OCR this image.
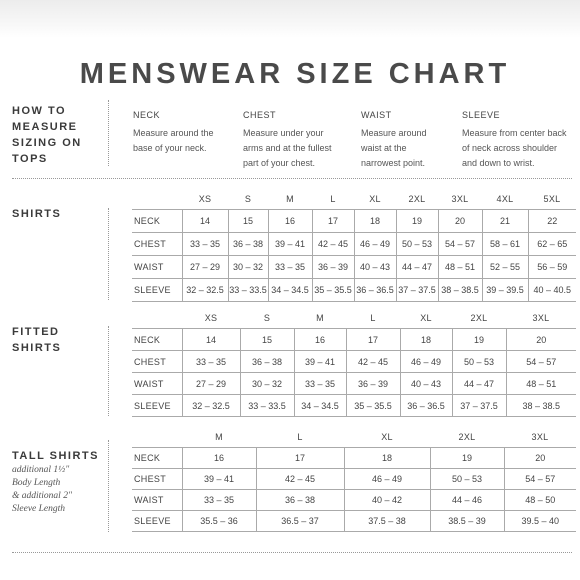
MENSWEAR SIZE CHART
HOW TO
MEASURE
SIZING ON
TOPS
NECK
Measure around the
base of your neck.
CHEST
Measure under your
arms and at the fullest
part of your chest.
WAIST
Measure around
waist at the
narrowest point.
SLEEVE
Measure from center back
of neck across shoulder
and down to wrist.
SHIRTS
	XS	S	M	L	XL	2XL	3XL	4XL	5XL
NECK	14	15	16	17	18	19	20	21	22
CHEST	33 – 35	36 – 38	39 – 41	42 – 45	46 – 49	50 – 53	54 – 57	58 – 61	62 – 65
WAIST	27 – 29	30 – 32	33 – 35	36 – 39	40 – 43	44 – 47	48 – 51	52 – 55	56 – 59
SLEEVE	32 – 32.5	33 – 33.5	34 – 34.5	35 – 35.5	36 – 36.5	37 – 37.5	38 – 38.5	39 – 39.5	40 – 40.5
FITTED
SHIRTS
	XS	S	M	L	XL	2XL	3XL
NECK	14	15	16	17	18	19	20
CHEST	33 – 35	36 – 38	39 – 41	42 – 45	46 – 49	50 – 53	54 – 57
WAIST	27 – 29	30 – 32	33 – 35	36 – 39	40 – 43	44 – 47	48 – 51
SLEEVE	32 – 32.5	33 – 33.5	34 – 34.5	35 – 35.5	36 – 36.5	37 – 37.5	38 – 38.5
TALL SHIRTS
additional 1½"
Body Length
& additional 2"
Sleeve Length
	M	L	XL	2XL	3XL
NECK	16	17	18	19	20
CHEST	39 – 41	42 – 45	46 – 49	50 – 53	54 – 57
WAIST	33 – 35	36 – 38	40 – 42	44 – 46	48 – 50
SLEEVE	35.5 – 36	36.5 – 37	37.5 – 38	38.5 – 39	39.5 – 40
